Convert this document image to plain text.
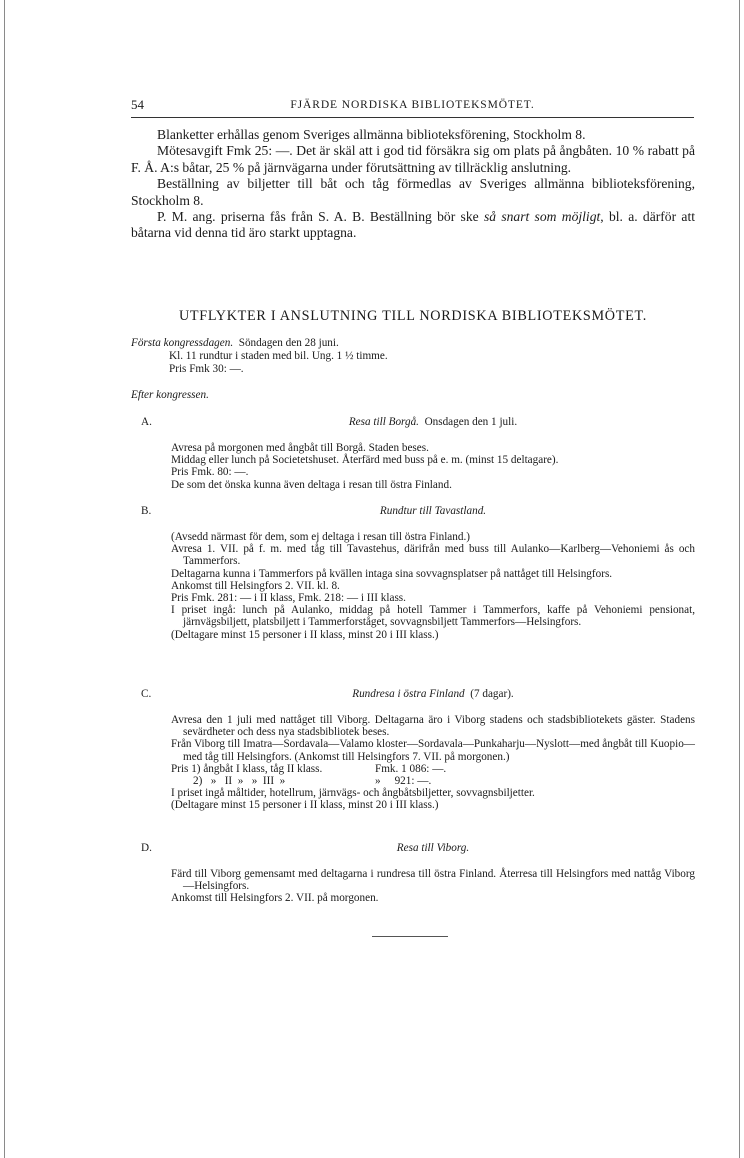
54	FJÄRDE NORDISKA BIBLIOTEKSMÖTET.

Blanketter erhållas genom Sveriges allmänna biblioteksförening, Stockholm 8.

Mötesavgift Fmk 25: —. Det är skäl att i god tid försäkra sig om plats på ångbåten. 10 % rabatt på F. Å. A:s båtar, 25 % på järnvägarna under förutsättning av tillräcklig anslutning.

Beställning av biljetter till båt och tåg förmedlas av Sveriges allmänna biblioteksförening, Stockholm 8.

P. M. ang. priserna fås från S. A. B. Beställning bör ske så snart som möjligt, bl. a. därför att båtarna vid denna tid äro starkt upptagna.

UTFLYKTER I ANSLUTNING TILL NORDISKA BIBLIOTEKSMÖTET.
Första kongressdagen. Söndagen den 28 juni.
Kl. 11 rundtur i staden med bil. Ung. 1 ½ timme.
Pris Fmk 30: —.
Efter kongressen.
A.	Resa till Borgå. Onsdagen den 1 juli.
Avresa på morgonen med ångbåt till Borgå. Staden beses.
Middag eller lunch på Societetshuset. Återfärd med buss på e. m. (minst 15 deltagare).
Pris Fmk. 80: —.
De som det önska kunna även deltaga i resan till östra Finland.
B.	Rundtur till Tavastland.
(Avsedd närmast för dem, som ej deltaga i resan till östra Finland.)
Avresa 1. VII. på f. m. med tåg till Tavastehus, därifrån med buss till Aulanko—Karlberg—Vehoniemi ås och Tammerfors.
Deltagarna kunna i Tammerfors på kvällen intaga sina sovvagnsplatser på nattåget till Helsingfors.
Ankomst till Helsingfors 2. VII. kl. 8.
Pris Fmk. 281: — i II klass, Fmk. 218: — i III klass.
I priset ingå: lunch på Aulanko, middag på hotell Tammer i Tammerfors, kaffe på Vehoniemi pensionat, järnvägsbiljett, platsbiljett i Tammerforståget, sovvagnsbiljett Tammerfors—Helsingfors.
(Deltagare minst 15 personer i II klass, minst 20 i III klass.)
C.	Rundresa i östra Finland (7 dagar).
Avresa den 1 juli med nattåget till Viborg. Deltagarna äro i Viborg stadens och stadsbibliotekets gäster. Stadens sevärdheter och dess nya stadsbibliotek beses.
Från Viborg till Imatra—Sordavala—Valamo kloster—Sordavala—Punkaharju—Nyslott—med ångbåt till Kuopio—med tåg till Helsingfors. (Ankomst till Helsingfors 7. VII. på morgonen.)
Pris 1) ångbåt I klass, tåg II klass.	Fmk. 1 086: —.
2)   »   II  »   »  III  »	»     921: —.
I priset ingå måltider, hotellrum, järnvägs- och ångbåtsbiljetter, sovvagnsbiljetter.
(Deltagare minst 15 personer i II klass, minst 20 i III klass.)
D.	Resa till Viborg.
Färd till Viborg gemensamt med deltagarna i rundresa till östra Finland. Återresa till Helsingfors med nattåg Viborg—Helsingfors.
Ankomst till Helsingfors 2. VII. på morgonen.
